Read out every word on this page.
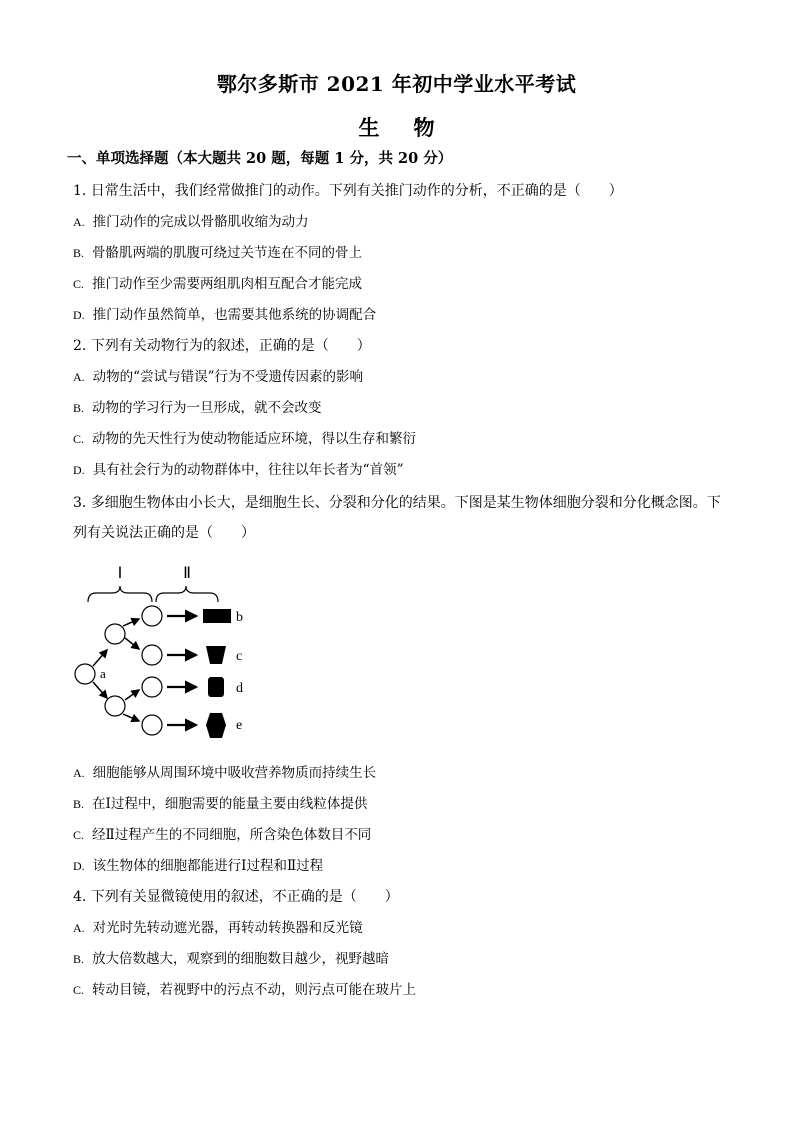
鄂尔多斯市 2021 年初中学业水平考试
生 物
一、单项选择题（本大题共 20 题，每题 1 分，共 20 分）
1. 日常生活中，我们经常做推门的动作。下列有关推门动作的分析，不正确的是（　　）
A. 推门动作的完成以骨骼肌收缩为动力
B. 骨骼肌两端的肌腹可绕过关节连在不同的骨上
C. 推门动作至少需要两组肌肉相互配合才能完成
D. 推门动作虽然简单，也需要其他系统的协调配合
2. 下列有关动物行为的叙述，正确的是（　　）
A. 动物的“尝试与错误”行为不受遗传因素的影响
B. 动物的学习行为一旦形成，就不会改变
C. 动物的先天性行为使动物能适应环境，得以生存和繁衍
D. 具有社会行为的动物群体中，往往以年长者为“首领”
3. 多细胞生物体由小长大，是细胞生长、分裂和分化的结果。下图是某生物体细胞分裂和分化概念图。下
列有关说法正确的是（　　）
Ⅰ	Ⅱ
a
b
c
d
e
A. 细胞能够从周围环境中吸收营养物质而持续生长
B. 在Ⅰ过程中，细胞需要的能量主要由线粒体提供
C. 经Ⅱ过程产生的不同细胞，所含染色体数目不同
D. 该生物体的细胞都能进行Ⅰ过程和Ⅱ过程
4. 下列有关显微镜使用的叙述，不正确的是（　　）
A. 对光时先转动遮光器，再转动转换器和反光镜
B. 放大倍数越大，观察到的细胞数目越少，视野越暗
C. 转动目镜，若视野中的污点不动，则污点可能在玻片上
